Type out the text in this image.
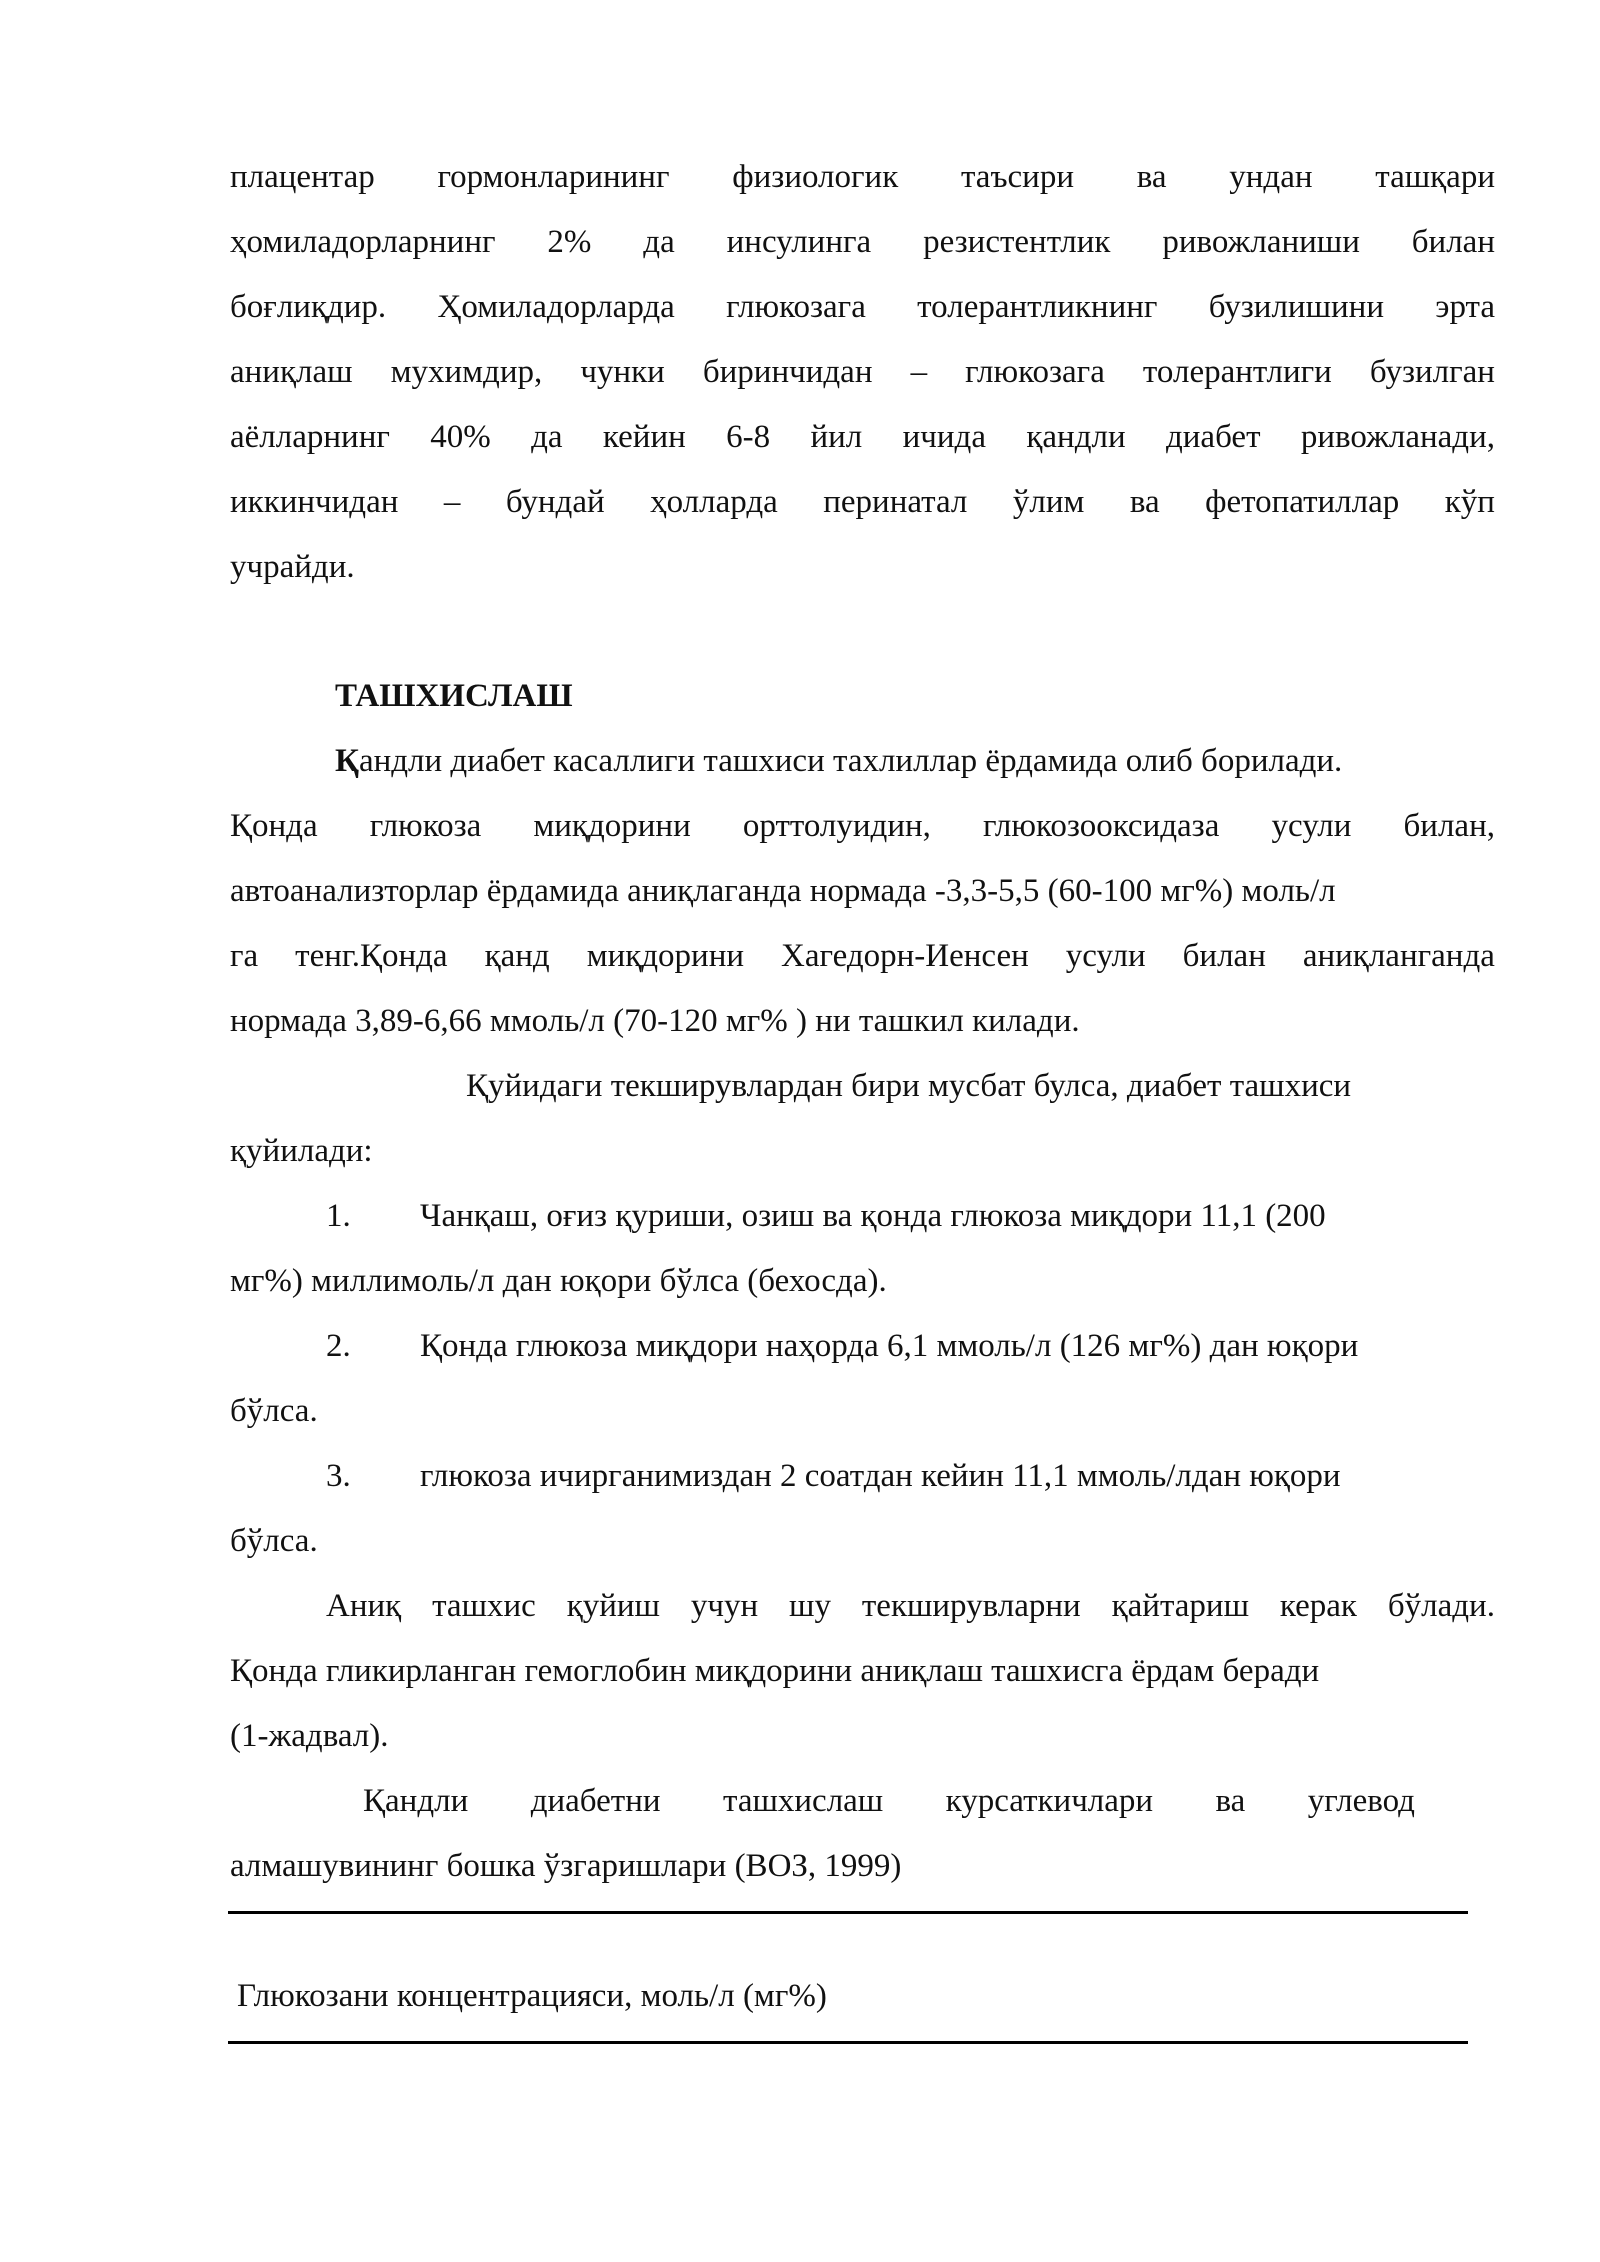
плацентар гормонларининг физиологик таъсири ва ундан ташқари
ҳомиладорларнинг 2% да инсулинга резистентлик ривожланиши билан
боғлиқдир. Ҳомиладорларда глюкозага толерантликнинг бузилишини эрта
аниқлаш мухимдир, чунки биринчидан – глюкозага толерантлиги бузилган
аёлларнинг 40% да кейин 6-8 йил ичида қандли диабет ривожланади,
иккинчидан – бундай ҳолларда перинатал ўлим ва фетопатиллар кўп
учрайди.
ТАШХИСЛАШ
Қандли диабет касаллиги ташхиси тахлиллар ёрдамида олиб борилади.
Қонда глюкоза миқдорини орттолуидин, глюкозооксидаза усули билан,
автоанализторлар ёрдамида аниқлаганда нормада -3,3-5,5 (60-100 мг%) моль/л
га тенг.Қонда қанд миқдорини Хагедорн-Иенсен усули билан аниқланганда
нормада 3,89-6,66 ммоль/л (70-120 мг% ) ни ташкил килади.
Қуйидаги текширувлардан бири мусбат булса, диабет ташхиси
қуйилади:
1. Чанқаш, оғиз қуриши, озиш ва қонда глюкоза миқдори 11,1 (200
мг%) миллимоль/л дан юқори бўлса (бехосда).
2. Қонда глюкоза миқдори наҳорда 6,1 ммоль/л (126 мг%) дан юқори
бўлса.
3. глюкоза ичирганимиздан 2 соатдан кейин 11,1 ммоль/лдан юқори
бўлса.
Аниқ ташхис қуйиш учун шу текширувларни қайтариш керак бўлади.
Қонда гликирланган гемоглобин миқдорини аниқлаш ташхисга ёрдам беради
(1-жадвал).
Қандли диабетни ташхислаш курсаткичлари ва углевод
алмашувининг бошка ўзгаришлари (ВОЗ, 1999)
Глюкозани концентрацияси, моль/л (мг%)
